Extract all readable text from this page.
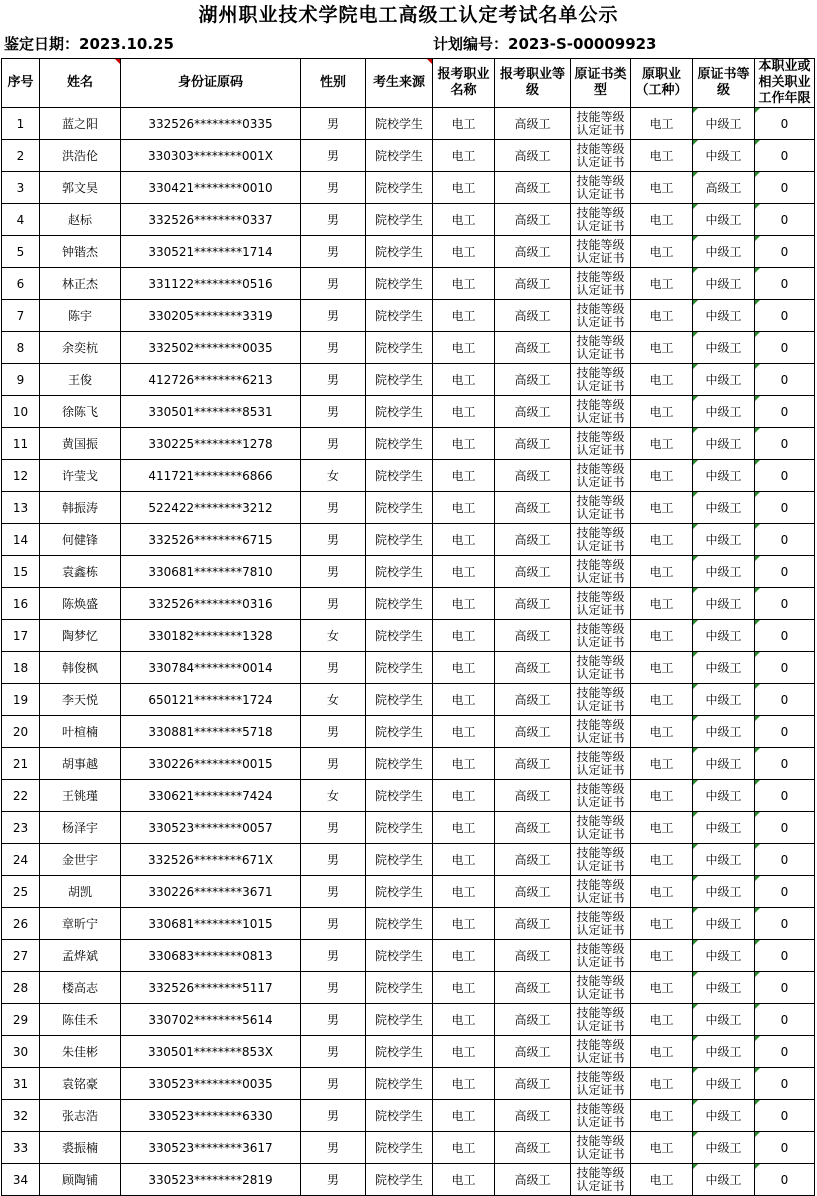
湖州职业技术学院电工高级工认定考试名单公示
鉴定日期：2023.10.25	计划编号：2023-S-00009923
序号	姓名	身份证原码	性别	考生来源	报考职业名称	报考职业等级	原证书类型	原职业（工种）	原证书等级	本职业或相关职业工作年限
1	蓝之阳	332526********0335	男	院校学生	电工	高级工	技能等级认定证书	电工	中级工	0
2	洪浩伦	330303********001X	男	院校学生	电工	高级工	技能等级认定证书	电工	中级工	0
3	郭文昊	330421********0010	男	院校学生	电工	高级工	技能等级认定证书	电工	高级工	0
4	赵标	332526********0337	男	院校学生	电工	高级工	技能等级认定证书	电工	中级工	0
5	钟锴杰	330521********1714	男	院校学生	电工	高级工	技能等级认定证书	电工	中级工	0
6	林正杰	331122********0516	男	院校学生	电工	高级工	技能等级认定证书	电工	中级工	0
7	陈宇	330205********3319	男	院校学生	电工	高级工	技能等级认定证书	电工	中级工	0
8	余奕杭	332502********0035	男	院校学生	电工	高级工	技能等级认定证书	电工	中级工	0
9	王俊	412726********6213	男	院校学生	电工	高级工	技能等级认定证书	电工	中级工	0
10	徐陈飞	330501********8531	男	院校学生	电工	高级工	技能等级认定证书	电工	中级工	0
11	黄国振	330225********1278	男	院校学生	电工	高级工	技能等级认定证书	电工	中级工	0
12	许莹戈	411721********6866	女	院校学生	电工	高级工	技能等级认定证书	电工	中级工	0
13	韩振涛	522422********3212	男	院校学生	电工	高级工	技能等级认定证书	电工	中级工	0
14	何健锋	332526********6715	男	院校学生	电工	高级工	技能等级认定证书	电工	中级工	0
15	袁鑫栋	330681********7810	男	院校学生	电工	高级工	技能等级认定证书	电工	中级工	0
16	陈焕盛	332526********0316	男	院校学生	电工	高级工	技能等级认定证书	电工	中级工	0
17	陶梦忆	330182********1328	女	院校学生	电工	高级工	技能等级认定证书	电工	中级工	0
18	韩俊枫	330784********0014	男	院校学生	电工	高级工	技能等级认定证书	电工	中级工	0
19	李天悦	650121********1724	女	院校学生	电工	高级工	技能等级认定证书	电工	中级工	0
20	叶楦楠	330881********5718	男	院校学生	电工	高级工	技能等级认定证书	电工	中级工	0
21	胡事越	330226********0015	男	院校学生	电工	高级工	技能等级认定证书	电工	中级工	0
22	王铫瑾	330621********7424	女	院校学生	电工	高级工	技能等级认定证书	电工	中级工	0
23	杨泽宇	330523********0057	男	院校学生	电工	高级工	技能等级认定证书	电工	中级工	0
24	金世宇	332526********671X	男	院校学生	电工	高级工	技能等级认定证书	电工	中级工	0
25	胡凯	330226********3671	男	院校学生	电工	高级工	技能等级认定证书	电工	中级工	0
26	章昕宁	330681********1015	男	院校学生	电工	高级工	技能等级认定证书	电工	中级工	0
27	孟烨斌	330683********0813	男	院校学生	电工	高级工	技能等级认定证书	电工	中级工	0
28	楼高志	332526********5117	男	院校学生	电工	高级工	技能等级认定证书	电工	中级工	0
29	陈佳禾	330702********5614	男	院校学生	电工	高级工	技能等级认定证书	电工	中级工	0
30	朱佳彬	330501********853X	男	院校学生	电工	高级工	技能等级认定证书	电工	中级工	0
31	袁铭豪	330523********0035	男	院校学生	电工	高级工	技能等级认定证书	电工	中级工	0
32	张志浩	330523********6330	男	院校学生	电工	高级工	技能等级认定证书	电工	中级工	0
33	裘振楠	330523********3617	男	院校学生	电工	高级工	技能等级认定证书	电工	中级工	0
34	顾陶铺	330523********2819	男	院校学生	电工	高级工	技能等级认定证书	电工	中级工	0
